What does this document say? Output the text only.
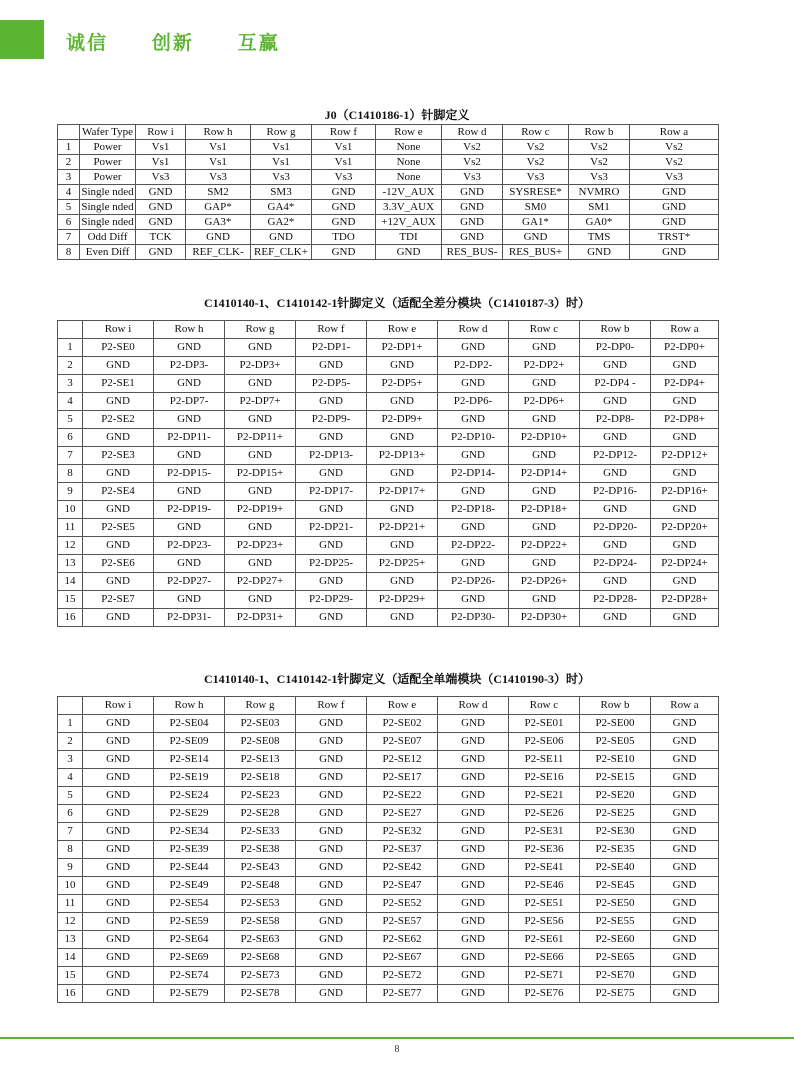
诚信   创新   互赢
J0（C1410186-1）针脚定义
	Wafer Type	Row i	Row h	Row g	Row f	Row e	Row d	Row c	Row b	Row a
1	Power	Vs1	Vs1	Vs1	Vs1	None	Vs2	Vs2	Vs2	Vs2
2	Power	Vs1	Vs1	Vs1	Vs1	None	Vs2	Vs2	Vs2	Vs2
3	Power	Vs3	Vs3	Vs3	Vs3	None	Vs3	Vs3	Vs3	Vs3
4	Single nded	GND	SM2	SM3	GND	-12V_AUX	GND	SYSRESE*	NVMRO	GND
5	Single nded	GND	GAP*	GA4*	GND	3.3V_AUX	GND	SM0	SM1	GND
6	Single nded	GND	GA3*	GA2*	GND	+12V_AUX	GND	GA1*	GA0*	GND
7	Odd Diff	TCK	GND	GND	TDO	TDI	GND	GND	TMS	TRST*
8	Even Diff	GND	REF_CLK-	REF_CLK+	GND	GND	RES_BUS-	RES_BUS+	GND	GND
C1410140-1、C1410142-1针脚定义（适配全差分模块（C1410187-3）时）
	Row i	Row h	Row g	Row f	Row e	Row d	Row c	Row b	Row a
1	P2-SE0	GND	GND	P2-DP1-	P2-DP1+	GND	GND	P2-DP0-	P2-DP0+
2	GND	P2-DP3-	P2-DP3+	GND	GND	P2-DP2-	P2-DP2+	GND	GND
3	P2-SE1	GND	GND	P2-DP5-	P2-DP5+	GND	GND	P2-DP4 -	P2-DP4+
4	GND	P2-DP7-	P2-DP7+	GND	GND	P2-DP6-	P2-DP6+	GND	GND
5	P2-SE2	GND	GND	P2-DP9-	P2-DP9+	GND	GND	P2-DP8-	P2-DP8+
6	GND	P2-DP11-	P2-DP11+	GND	GND	P2-DP10-	P2-DP10+	GND	GND
7	P2-SE3	GND	GND	P2-DP13-	P2-DP13+	GND	GND	P2-DP12-	P2-DP12+
8	GND	P2-DP15-	P2-DP15+	GND	GND	P2-DP14-	P2-DP14+	GND	GND
9	P2-SE4	GND	GND	P2-DP17-	P2-DP17+	GND	GND	P2-DP16-	P2-DP16+
10	GND	P2-DP19-	P2-DP19+	GND	GND	P2-DP18-	P2-DP18+	GND	GND
11	P2-SE5	GND	GND	P2-DP21-	P2-DP21+	GND	GND	P2-DP20-	P2-DP20+
12	GND	P2-DP23-	P2-DP23+	GND	GND	P2-DP22-	P2-DP22+	GND	GND
13	P2-SE6	GND	GND	P2-DP25-	P2-DP25+	GND	GND	P2-DP24-	P2-DP24+
14	GND	P2-DP27-	P2-DP27+	GND	GND	P2-DP26-	P2-DP26+	GND	GND
15	P2-SE7	GND	GND	P2-DP29-	P2-DP29+	GND	GND	P2-DP28-	P2-DP28+
16	GND	P2-DP31-	P2-DP31+	GND	GND	P2-DP30-	P2-DP30+	GND	GND
C1410140-1、C1410142-1针脚定义（适配全单端模块（C1410190-3）时）
	Row i	Row h	Row g	Row f	Row e	Row d	Row c	Row b	Row a
1	GND	P2-SE04	P2-SE03	GND	P2-SE02	GND	P2-SE01	P2-SE00	GND
2	GND	P2-SE09	P2-SE08	GND	P2-SE07	GND	P2-SE06	P2-SE05	GND
3	GND	P2-SE14	P2-SE13	GND	P2-SE12	GND	P2-SE11	P2-SE10	GND
4	GND	P2-SE19	P2-SE18	GND	P2-SE17	GND	P2-SE16	P2-SE15	GND
5	GND	P2-SE24	P2-SE23	GND	P2-SE22	GND	P2-SE21	P2-SE20	GND
6	GND	P2-SE29	P2-SE28	GND	P2-SE27	GND	P2-SE26	P2-SE25	GND
7	GND	P2-SE34	P2-SE33	GND	P2-SE32	GND	P2-SE31	P2-SE30	GND
8	GND	P2-SE39	P2-SE38	GND	P2-SE37	GND	P2-SE36	P2-SE35	GND
9	GND	P2-SE44	P2-SE43	GND	P2-SE42	GND	P2-SE41	P2-SE40	GND
10	GND	P2-SE49	P2-SE48	GND	P2-SE47	GND	P2-SE46	P2-SE45	GND
11	GND	P2-SE54	P2-SE53	GND	P2-SE52	GND	P2-SE51	P2-SE50	GND
12	GND	P2-SE59	P2-SE58	GND	P2-SE57	GND	P2-SE56	P2-SE55	GND
13	GND	P2-SE64	P2-SE63	GND	P2-SE62	GND	P2-SE61	P2-SE60	GND
14	GND	P2-SE69	P2-SE68	GND	P2-SE67	GND	P2-SE66	P2-SE65	GND
15	GND	P2-SE74	P2-SE73	GND	P2-SE72	GND	P2-SE71	P2-SE70	GND
16	GND	P2-SE79	P2-SE78	GND	P2-SE77	GND	P2-SE76	P2-SE75	GND
8
